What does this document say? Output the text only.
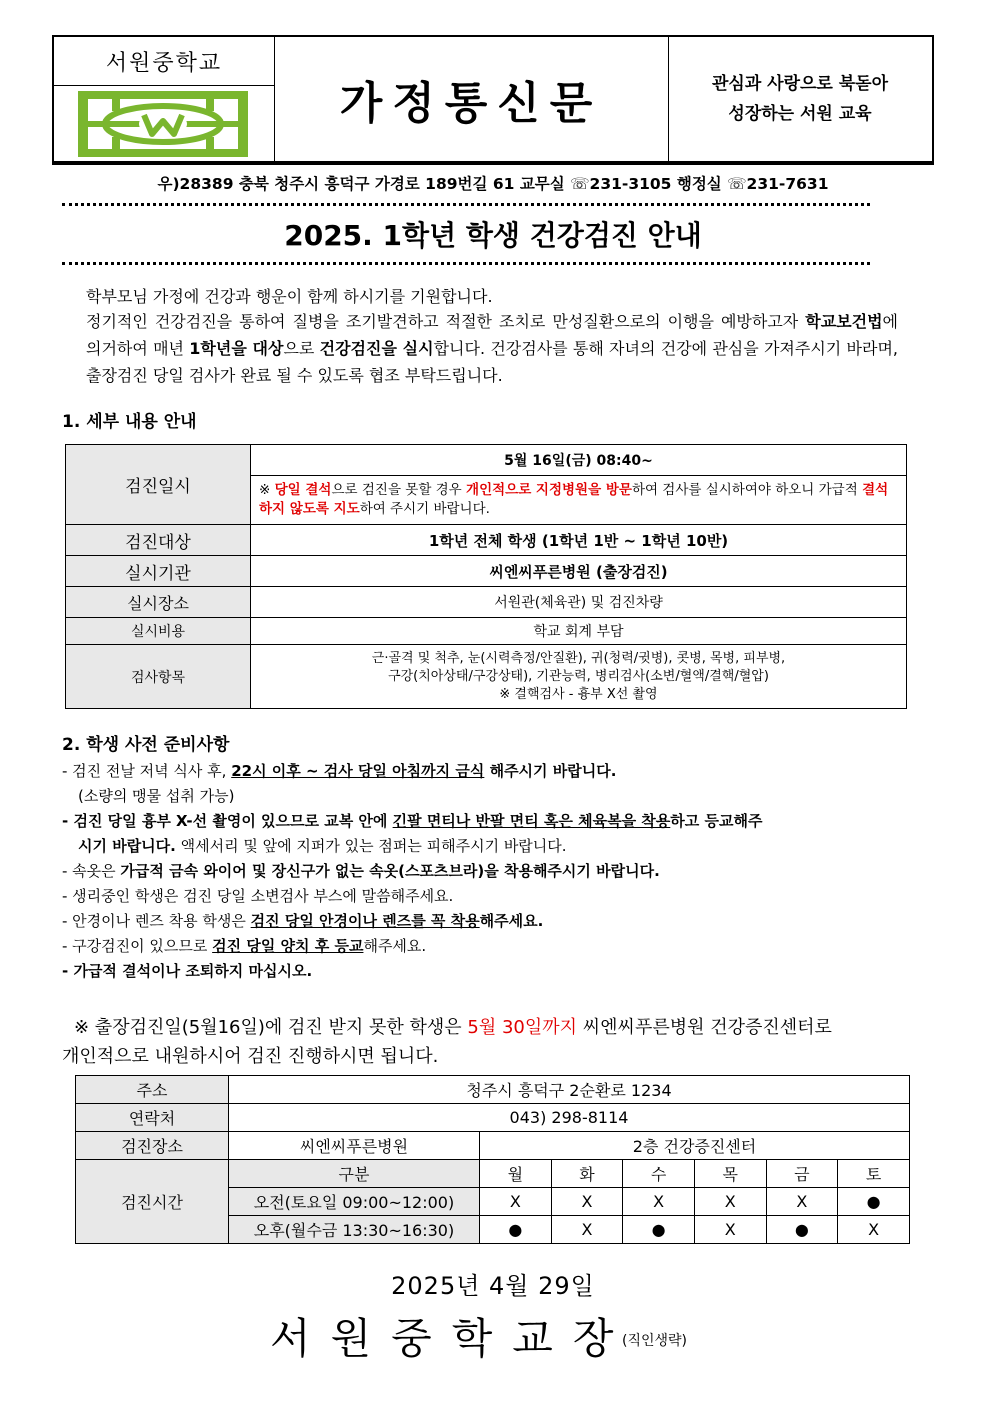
서원중학교
가정통신문	관심과 사랑으로 북돋아
성장하는 서원 교육
우)28389 충북 청주시 흥덕구 가경로 189번길 61 교무실 ☏231-3105 행정실 ☏231-7631
2025. 1학년 학생 건강검진 안내
학부모님 가정에 건강과 행운이 함께 하시기를 기원합니다.
정기적인 건강검진을 통하여 질병을 조기발견하고 적절한 조치로 만성질환으로의 이행을 예방하고자 학교보건법에 의거하여 매년 1학년을 대상으로 건강검진을 실시합니다. 건강검사를 통해 자녀의 건강에 관심을 가져주시기 바라며, 출장검진 당일 검사가 완료 될 수 있도록 협조 부탁드립니다.
1. 세부 내용 안내
검진일시	5월 16일(금) 08:40~
	※ 당일 결석으로 검진을 못할 경우 개인적으로 지정병원을 방문하여 검사를 실시하여야 하오니 가급적 결석하지 않도록 지도하여 주시기 바랍니다.
검진대상	1학년 전체 학생 (1학년 1반 ~ 1학년 10반)
실시기관	씨엔씨푸른병원 (출장검진)
실시장소	서원관(체육관) 및 검진차량
실시비용	학교 회계 부담
검사항목	근·골격 및 척추, 눈(시력측정/안질환), 귀(청력/귓병), 콧병, 목병, 피부병,
구강(치아상태/구강상태), 기관능력, 병리검사(소변/혈액/결핵/혈압)
※ 결핵검사 - 흉부 X선 촬영
2. 학생 사전 준비사항
- 검진 전날 저녁 식사 후, 22시 이후 ~ 검사 당일 아침까지 금식 해주시기 바랍니다.
(소량의 맹물 섭취 가능)
- 검진 당일 흉부 X-선 촬영이 있으므로 교복 안에 긴팔 면티나 반팔 면티 혹은 체육복을 착용하고 등교해주
시기 바랍니다. 액세서리 및 앞에 지퍼가 있는 점퍼는 피해주시기 바랍니다.
- 속옷은 가급적 금속 와이어 및 장신구가 없는 속옷(스포츠브라)을 착용해주시기 바랍니다.
- 생리중인 학생은 검진 당일 소변검사 부스에 말씀해주세요.
- 안경이나 렌즈 착용 학생은 검진 당일 안경이나 렌즈를 꼭 착용해주세요.
- 구강검진이 있으므로 검진 당일 양치 후 등교해주세요.
- 가급적 결석이나 조퇴하지 마십시오.
※ 출장검진일(5월16일)에 검진 받지 못한 학생은 5월 30일까지 씨엔씨푸른병원 건강증진센터로
개인적으로 내원하시어 검진 진행하시면 됩니다.
주소	청주시 흥덕구 2순환로 1234						
연락처	043) 298-8114						
검진장소	씨엔씨푸른병원	2층 건강증진센터					
검진시간	구분	월	화	수	목	금	토
	오전(토요일 09:00~12:00)	X	X	X	X	X	●
	오후(월수금 13:30~16:30)	●	X	●	X	●	X
2025년 4월 29일
서원중학교장
(직인생략)
